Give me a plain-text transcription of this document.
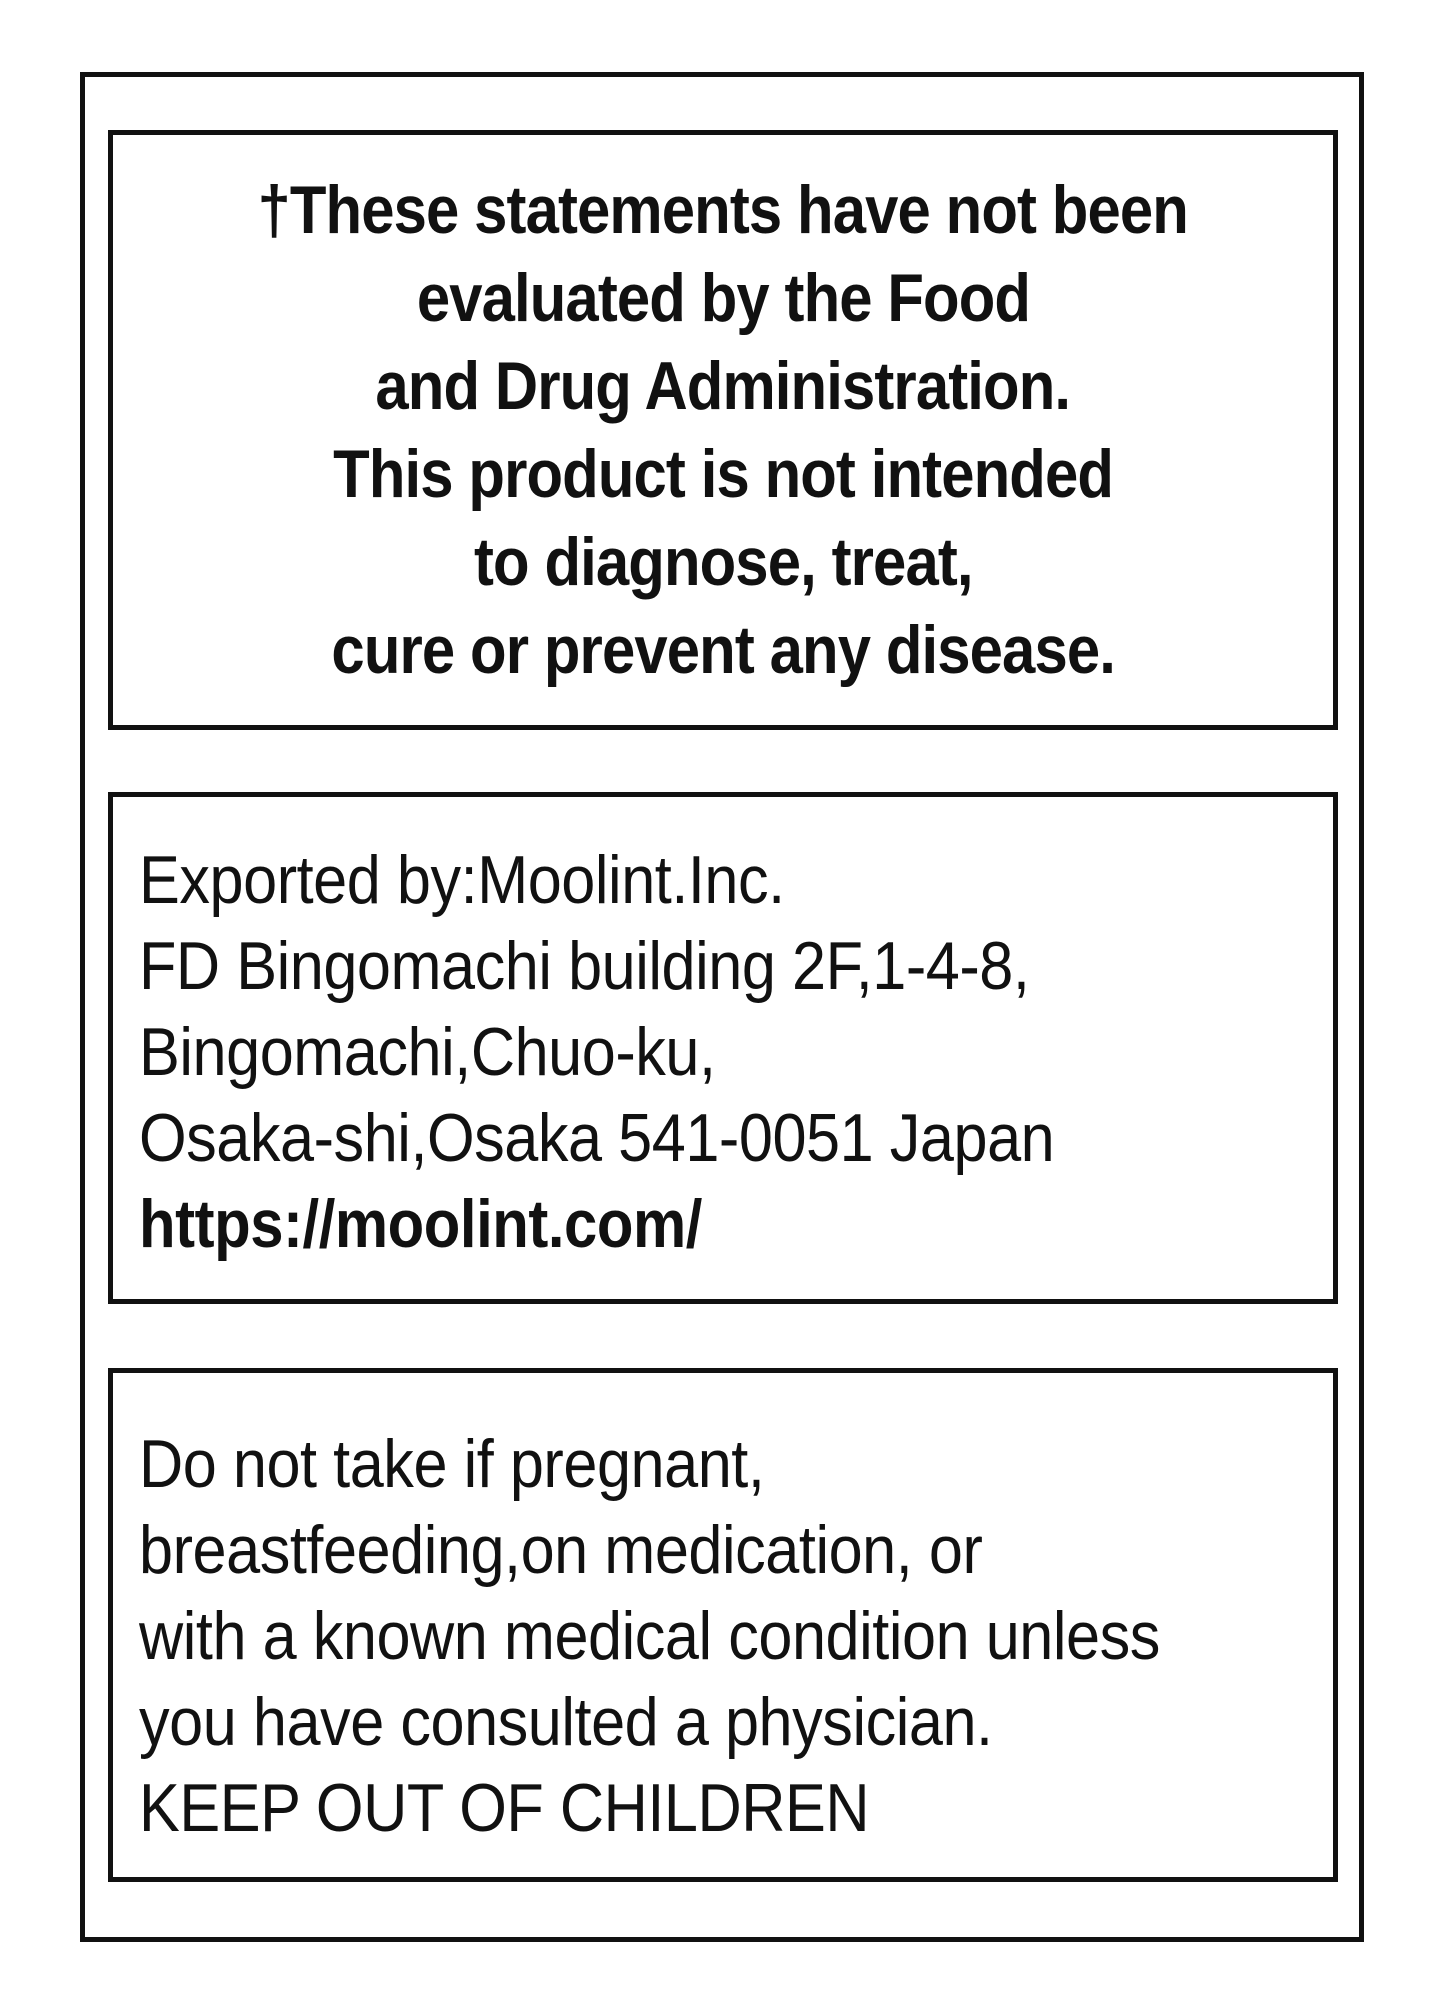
†These statements have not been
evaluated by the Food
and Drug Administration.
This product is not intended
to diagnose, treat,
cure or prevent any disease.
Exported by:Moolint.Inc.
FD Bingomachi building 2F,1-4-8,
Bingomachi,Chuo-ku,
Osaka-shi,Osaka 541-0051 Japan
https://moolint.com/
Do not take if pregnant,
breastfeeding,on medication, or
with a known medical condition unless
you have consulted a physician.
KEEP OUT OF CHILDREN
